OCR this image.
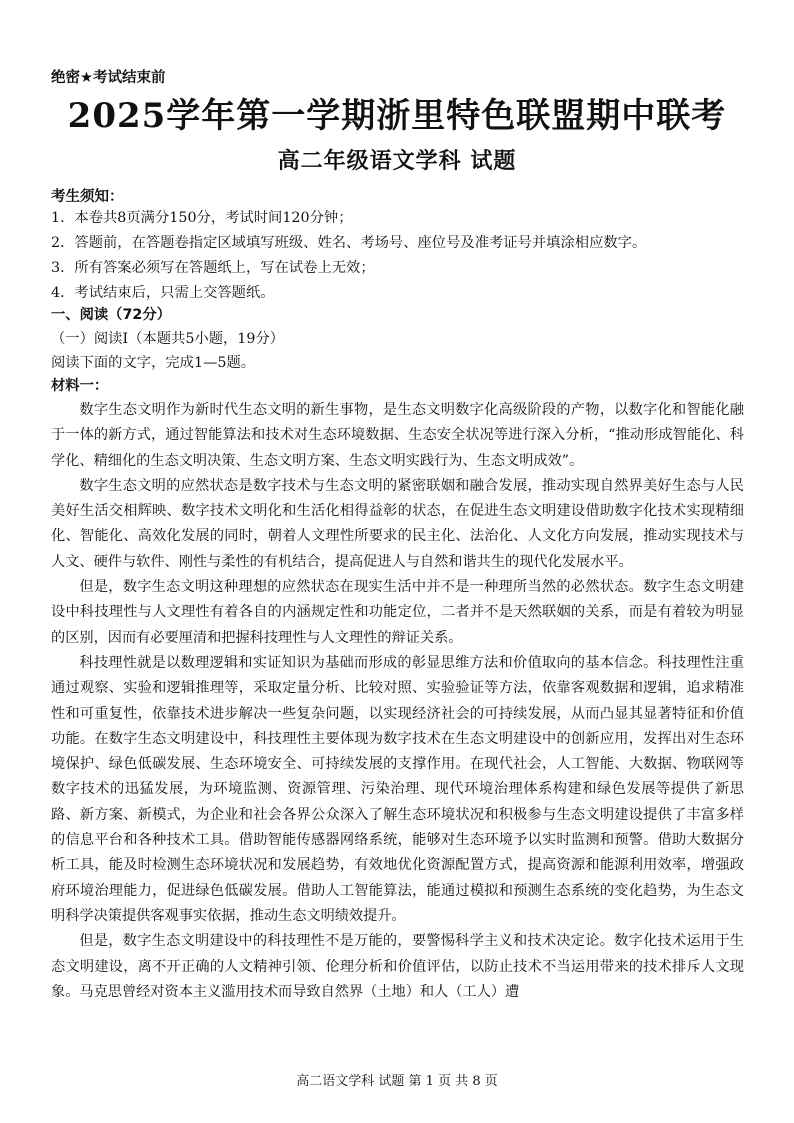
绝密★考试结束前
2025学年第一学期浙里特色联盟期中联考
高二年级语文学科 试题
考生须知：
1．本卷共8页满分150分，考试时间120分钟；
2．答题前，在答题卷指定区域填写班级、姓名、考场号、座位号及准考证号并填涂相应数字。
3．所有答案必须写在答题纸上，写在试卷上无效；
4．考试结束后，只需上交答题纸。
一、阅读（72分）
（一）阅读Ⅰ（本题共5小题，19分）
阅读下面的文字，完成1—5题。
材料一：

数字生态文明作为新时代生态文明的新生事物，是生态文明数字化高级阶段的产物，以数字化和智能化融于一体的新方式，通过智能算法和技术对生态环境数据、生态安全状况等进行深入分析，“推动形成智能化、科学化、精细化的生态文明决策、生态文明方案、生态文明实践行为、生态文明成效”。

数字生态文明的应然状态是数字技术与生态文明的紧密联姻和融合发展，推动实现自然界美好生态与人民美好生活交相辉映、数字技术文明化和生活化相得益彰的状态，在促进生态文明建设借助数字化技术实现精细化、智能化、高效化发展的同时，朝着人文理性所要求的民主化、法治化、人文化方向发展，推动实现技术与人文、硬件与软件、刚性与柔性的有机结合，提高促进人与自然和谐共生的现代化发展水平。

但是，数字生态文明这种理想的应然状态在现实生活中并不是一种理所当然的必然状态。数字生态文明建设中科技理性与人文理性有着各自的内涵规定性和功能定位，二者并不是天然联姻的关系，而是有着较为明显的区别，因而有必要厘清和把握科技理性与人文理性的辩证关系。

科技理性就是以数理逻辑和实证知识为基础而形成的彰显思维方法和价值取向的基本信念。科技理性注重通过观察、实验和逻辑推理等，采取定量分析、比较对照、实验验证等方法，依靠客观数据和逻辑，追求精准性和可重复性，依靠技术进步解决一些复杂问题，以实现经济社会的可持续发展，从而凸显其显著特征和价值功能。在数字生态文明建设中，科技理性主要体现为数字技术在生态文明建设中的创新应用，发挥出对生态环境保护、绿色低碳发展、生态环境安全、可持续发展的支撑作用。在现代社会，人工智能、大数据、物联网等数字技术的迅猛发展，为环境监测、资源管理、污染治理、现代环境治理体系构建和绿色发展等提供了新思路、新方案、新模式，为企业和社会各界公众深入了解生态环境状况和积极参与生态文明建设提供了丰富多样的信息平台和各种技术工具。借助智能传感器网络系统，能够对生态环境予以实时监测和预警。借助大数据分析工具，能及时检测生态环境状况和发展趋势，有效地优化资源配置方式，提高资源和能源利用效率，增强政府环境治理能力，促进绿色低碳发展。借助人工智能算法，能通过模拟和预测生态系统的变化趋势，为生态文明科学决策提供客观事实依据，推动生态文明绩效提升。

但是，数字生态文明建设中的科技理性不是万能的，要警惕科学主义和技术决定论。数字化技术运用于生态文明建设，离不开正确的人文精神引领、伦理分析和价值评估，以防止技术不当运用带来的技术排斥人文现象。马克思曾经对资本主义滥用技术而导致自然界（土地）和人（工人）遭

高二语文学科 试题 第 1 页 共 8 页
